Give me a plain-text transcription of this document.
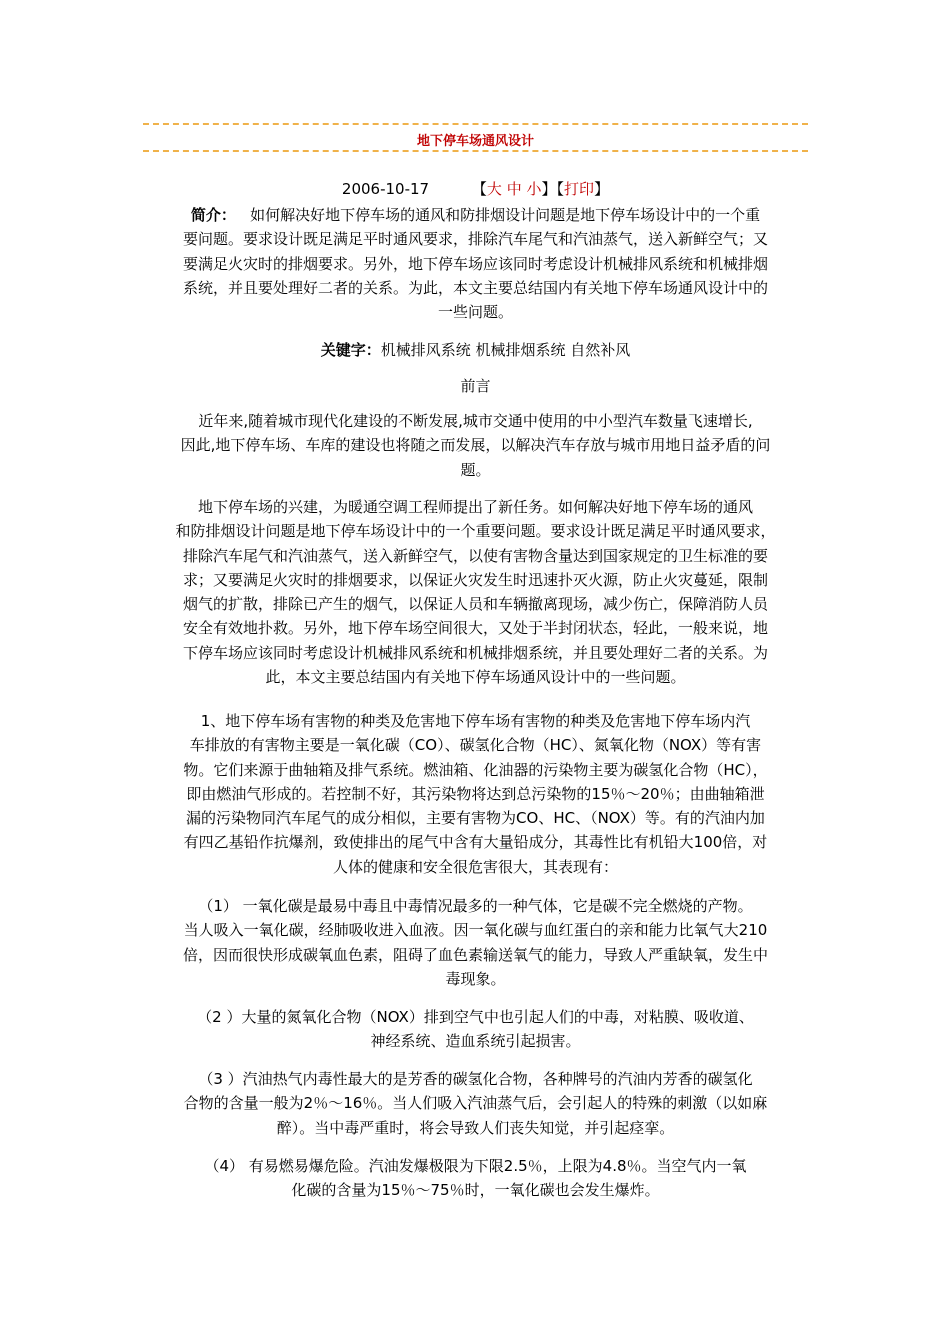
地下停车场通风设计
2006-10-17	【大 中 小】【打印】
简介： 如何解决好地下停车场的通风和防排烟设计问题是地下停车场设计中的一个重
要问题。要求设计既足满足平时通风要求，排除汽车尾气和汽油蒸气，送入新鲜空气；又
要满足火灾时的排烟要求。另外，地下停车场应该同时考虑设计机械排风系统和机械排烟
系统，并且要处理好二者的关系。为此，本文主要总结国内有关地下停车场通风设计中的
一些问题。
关键字：机械排风系统 机械排烟系统 自然补风
前言
近年来,随着城市现代化建设的不断发展,城市交通中使用的中小型汽车数量飞速增长,
因此,地下停车场、车库的建设也将随之而发展，以解决汽车存放与城市用地日益矛盾的问
题。
地下停车场的兴建，为暖通空调工程师提出了新任务。如何解决好地下停车场的通风
和防排烟设计问题是地下停车场设计中的一个重要问题。要求设计既足满足平时通风要求，
排除汽车尾气和汽油蒸气，送入新鲜空气，以使有害物含量达到国家规定的卫生标准的要
求；又要满足火灾时的排烟要求，以保证火灾发生时迅速扑灭火源，防止火灾蔓延，限制
烟气的扩散，排除已产生的烟气，以保证人员和车辆撤离现场，减少伤亡，保障消防人员
安全有效地扑救。另外，地下停车场空间很大，又处于半封闭状态，轻此，一般来说，地
下停车场应该同时考虑设计机械排风系统和机械排烟系统，并且要处理好二者的关系。为
此，本文主要总结国内有关地下停车场通风设计中的一些问题。
1、地下停车场有害物的种类及危害地下停车场有害物的种类及危害地下停车场内汽
车排放的有害物主要是一氧化碳（CO）、碳氢化合物（HC）、氮氧化物（NOX）等有害
物。它们来源于曲轴箱及排气系统。燃油箱、化油器的污染物主要为碳氢化合物（HC），
即由燃油气形成的。若控制不好，其污染物将达到总污染物的15％～20％；由曲轴箱泄
漏的污染物同汽车尾气的成分相似，主要有害物为CO、HC、（NOX）等。有的汽油内加
有四乙基铅作抗爆剂，致使排出的尾气中含有大量铅成分，其毒性比有机铅大100倍，对
人体的健康和安全很危害很大，其表现有：
（1） 一氧化碳是最易中毒且中毒情况最多的一种气体，它是碳不完全燃烧的产物。
当人吸入一氧化碳，经肺吸收进入血液。因一氧化碳与血红蛋白的亲和能力比氧气大210
倍，因而很快形成碳氧血色素，阻碍了血色素输送氧气的能力，导致人严重缺氧，发生中
毒现象。
（2 ）大量的氮氧化合物（NOX）排到空气中也引起人们的中毒，对粘膜、吸收道、
神经系统、造血系统引起损害。
（3 ）汽油热气内毒性最大的是芳香的碳氢化合物，各种牌号的汽油内芳香的碳氢化
合物的含量一般为2％～16％。当人们吸入汽油蒸气后，会引起人的特殊的刺激（以如麻
醉）。当中毒严重时，将会导致人们丧失知觉，并引起痉挛。
（4） 有易燃易爆危险。汽油发爆极限为下限2.5％，上限为4.8％。当空气内一氧
化碳的含量为15％～75％时，一氧化碳也会发生爆炸。
